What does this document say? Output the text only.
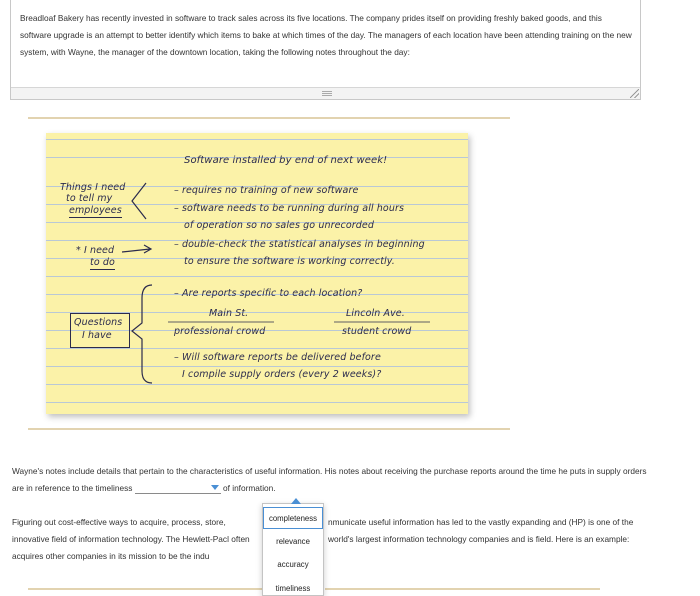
Breadloaf Bakery has recently invested in software to track sales across its five locations. The company prides itself on providing freshly baked goods, and this software upgrade is an attempt to better identify which items to bake at which times of the day. The managers of each location have been attending training on the new system, with Wayne, the manager of the downtown location, taking the following notes throughout the day:

Software installed by end of next week!
Things I need
to tell my
employees
* I need
to do
Questions
I have
– requires no training of new software
– software needs to be running during all hours
of operation so no sales go unrecorded
– double-check the statistical analyses in beginning
to ensure the software is working correctly.
– Are reports specific to each location?
Main St.	Lincoln Ave.
professional crowd	student crowd
– Will software reports be delivered before
I compile supply orders (every 2 weeks)?

Wayne's notes include details that pertain to the characteristics of useful information. His notes about receiving the purchase reports around the time he puts in supply orders are in reference to the timeliness	of information.

Figuring out cost-effective ways to acquire, process, store, innovative field of information technology. The Hewlett-Pacl often acquires other companies in its mission to be the indu

nmunicate useful information has led to the vastly expanding and (HP) is one of the world's largest information technology companies and is field. Here is an example:

completeness
relevance
accuracy
timeliness
